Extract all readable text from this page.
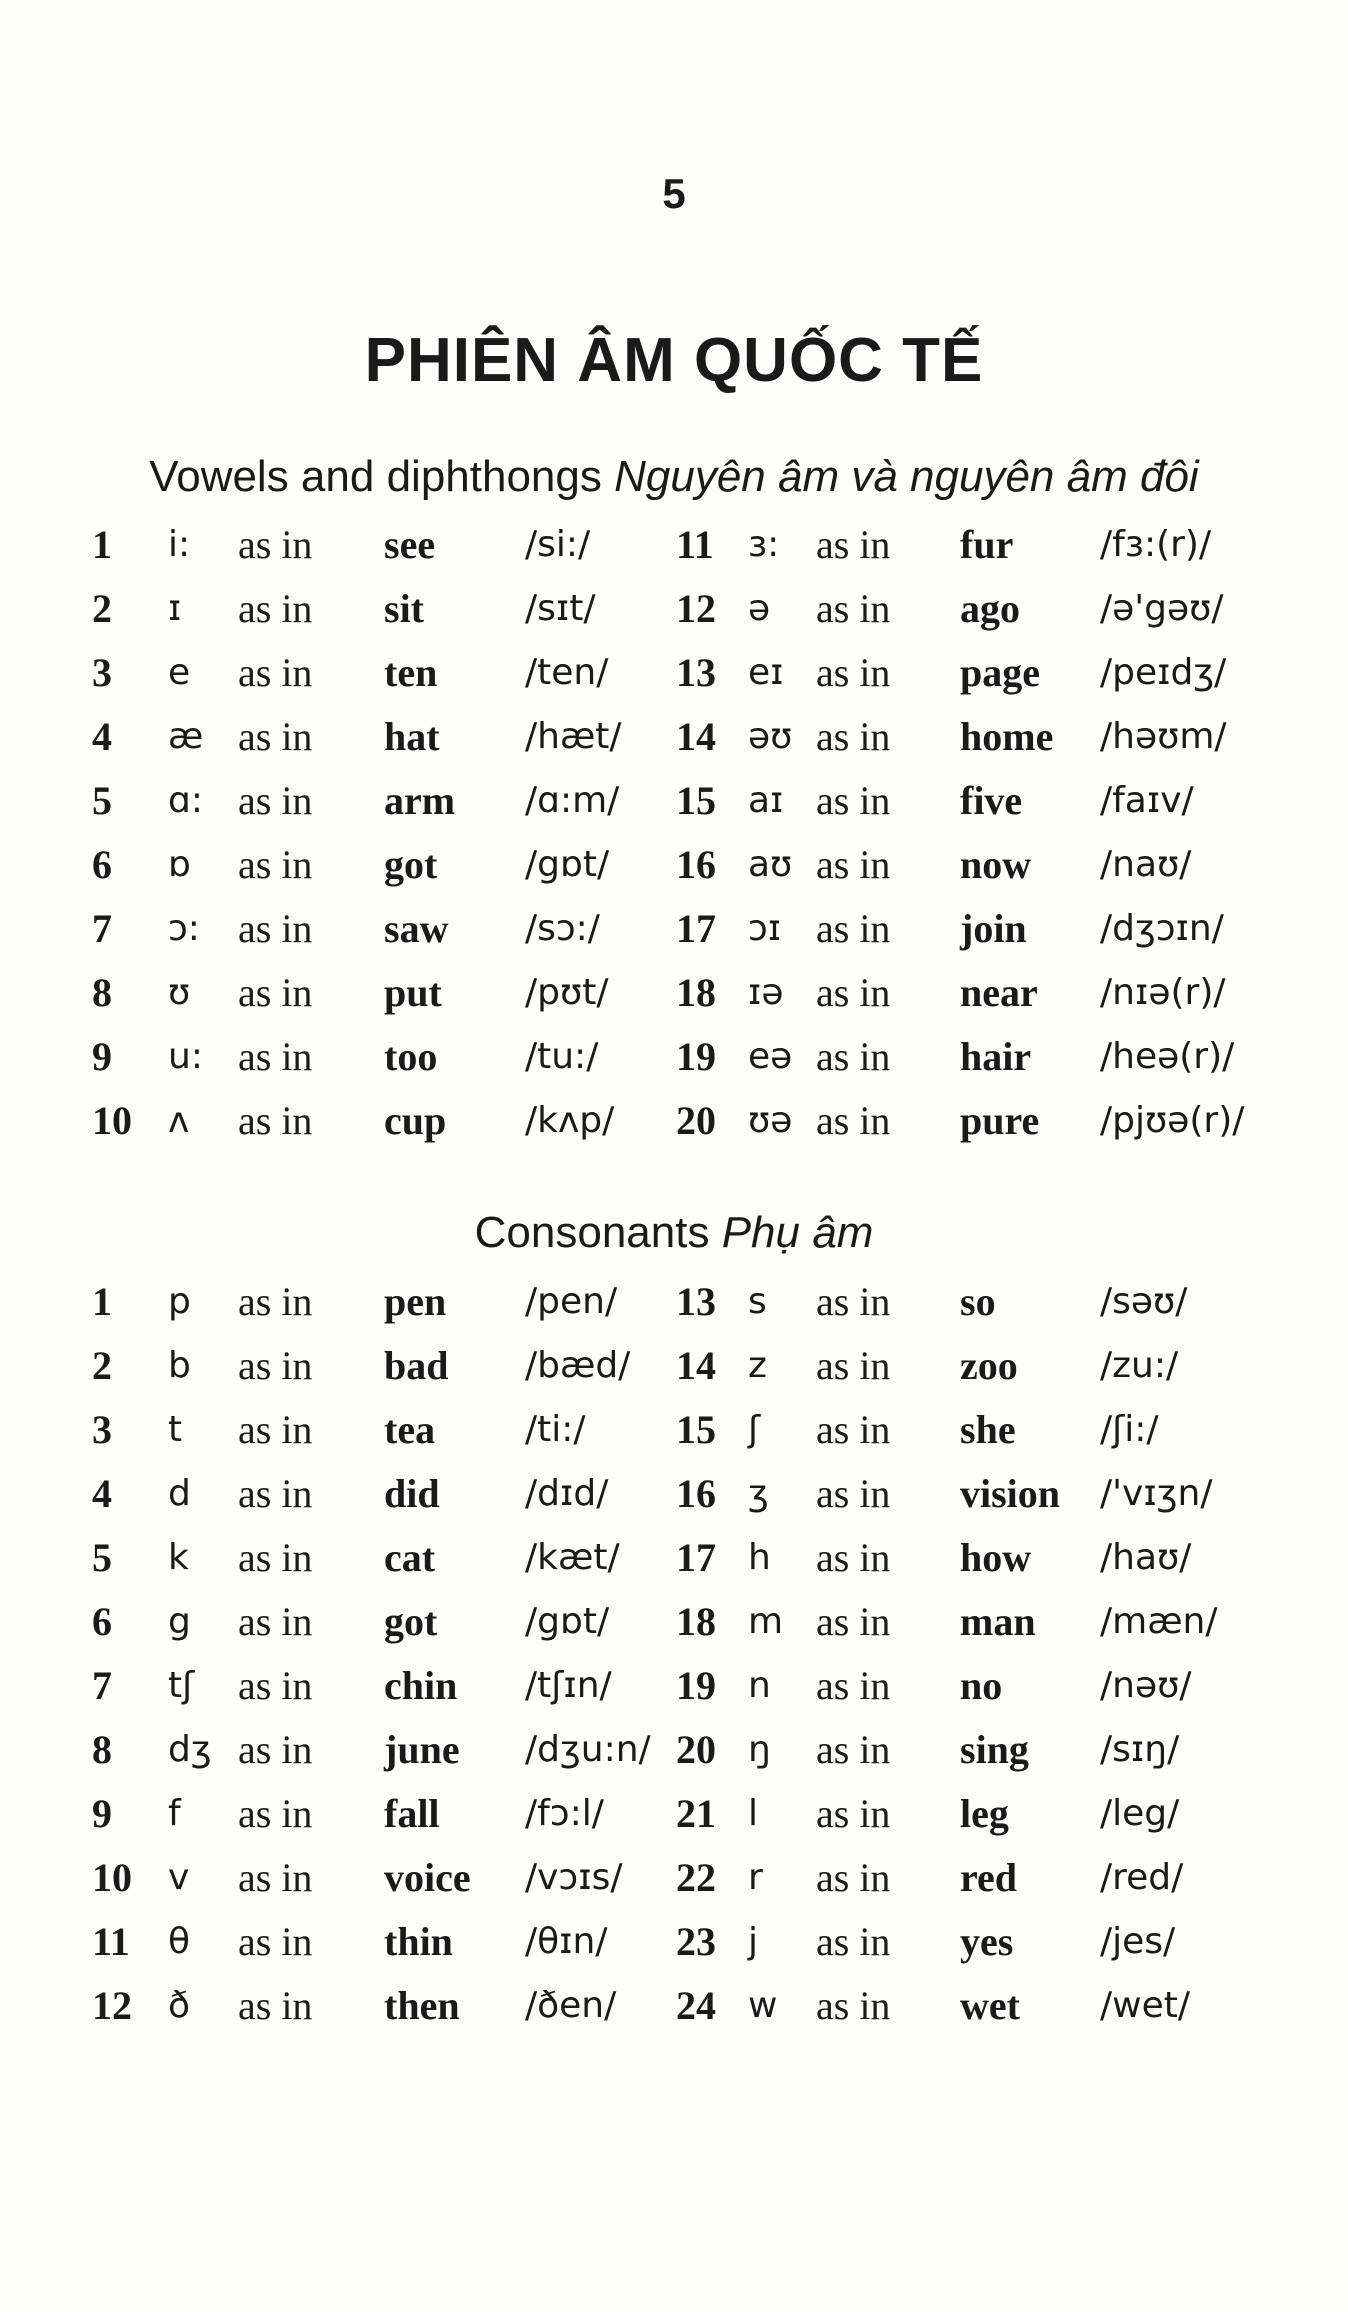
5
PHIÊN ÂM QUỐC TẾ
Vowels and diphthongs Nguyên âm và nguyên âm đôi
1 i: as in see /si:/ 11 ɜ: as in fur /fɜ:(r)/
2 ɪ as in sit	/sɪt/ 12 ə as in ago /ə'gəʊ/
3 e as in ten /ten/ 13 eɪ as in page /peɪdʒ/
4 æ as in hat /hæt/ 14 əʊ as in home /həʊm/
5 ɑ: as in arm /ɑ:m/ 15 aɪ as in five /faɪv/
6 ɒ as in got /gɒt/ 16 aʊ as in now /naʊ/
7 ɔ: as in saw /sɔ:/ 17 ɔɪ as in join /dʒɔɪn/
8 ʊ as in put /pʊt/ 18 ɪə as in near /nɪə(r)/
9 u: as in too /tu:/ 19 eə as in hair /heə(r)/
10 ʌ as in cup /kʌp/ 20 ʊə as in pure /pjʊə(r)/
Consonants Phụ âm
1 p as in pen /pen/ 13 s as in so	/səʊ/
2 b as in bad /bæd/ 14 z as in zoo /zu:/
3 t as in tea /ti:/ 15 ʃ as in she /ʃi:/
4 d as in did /dɪd/ 16 ʒ as in vision /'vɪʒn/
5 k as in cat /kæt/ 17 h as in how /haʊ/
6 g as in got /gɒt/ 18 m as in man /mæn/
7 tʃ as in chin /tʃɪn/ 19 n as in no	/nəʊ/
8 dʒ as in june /dʒu:n/ 20 ŋ as in sing /sɪŋ/
9 f as in fall /fɔ:l/ 21 l as in leg	/leg/
10 v as in voice /vɔɪs/ 22 r as in red /red/
11 θ as in thin /θɪn/ 23 j as in yes /jes/
12 ð as in then /ðen/ 24 w as in wet /wet/
